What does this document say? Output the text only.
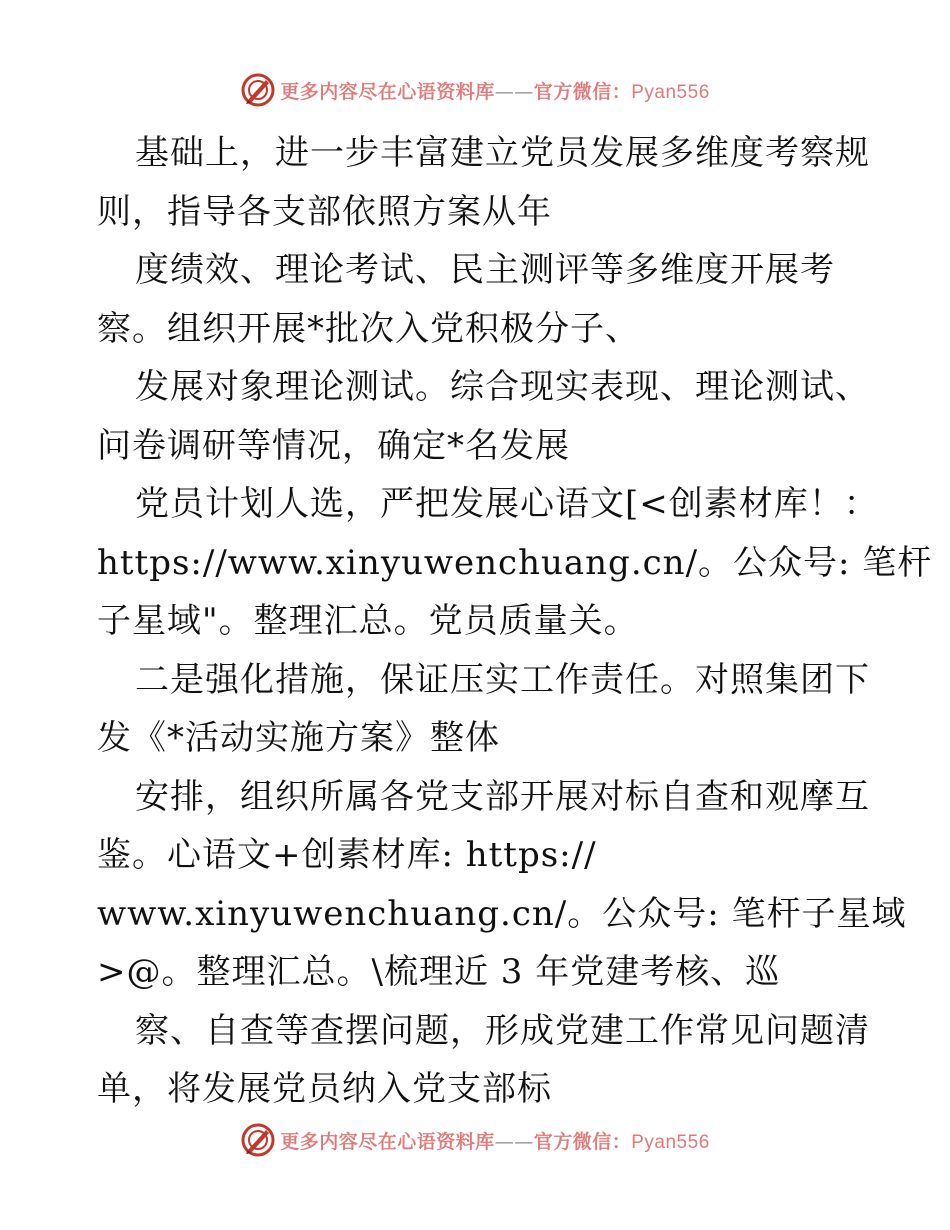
更多内容尽在心语资料库——官方微信：Pyan556
基础上，进一步丰富建立党员发展多维度考察规
则，指导各支部依照方案从年
度绩效、理论考试、民主测评等多维度开展考
察。组织开展*批次入党积极分子、
发展对象理论测试。综合现实表现、理论测试、
问卷调研等情况，确定*名发展
党员计划人选，严把发展心语文[<创素材库！：
https://www.xinyuwenchuang.cn/。公众号: 笔杆
子星域"。整理汇总。党员质量关。
二是强化措施，保证压实工作责任。对照集团下
发《*活动实施方案》整体
安排，组织所属各党支部开展对标自查和观摩互
鉴。心语文+创素材库: https://
www.xinyuwenchuang.cn/。公众号: 笔杆子星域
>@。整理汇总。\梳理近 3 年党建考核、巡
察、自查等查摆问题，形成党建工作常见问题清
单，将发展党员纳入党支部标
更多内容尽在心语资料库——官方微信：Pyan556
